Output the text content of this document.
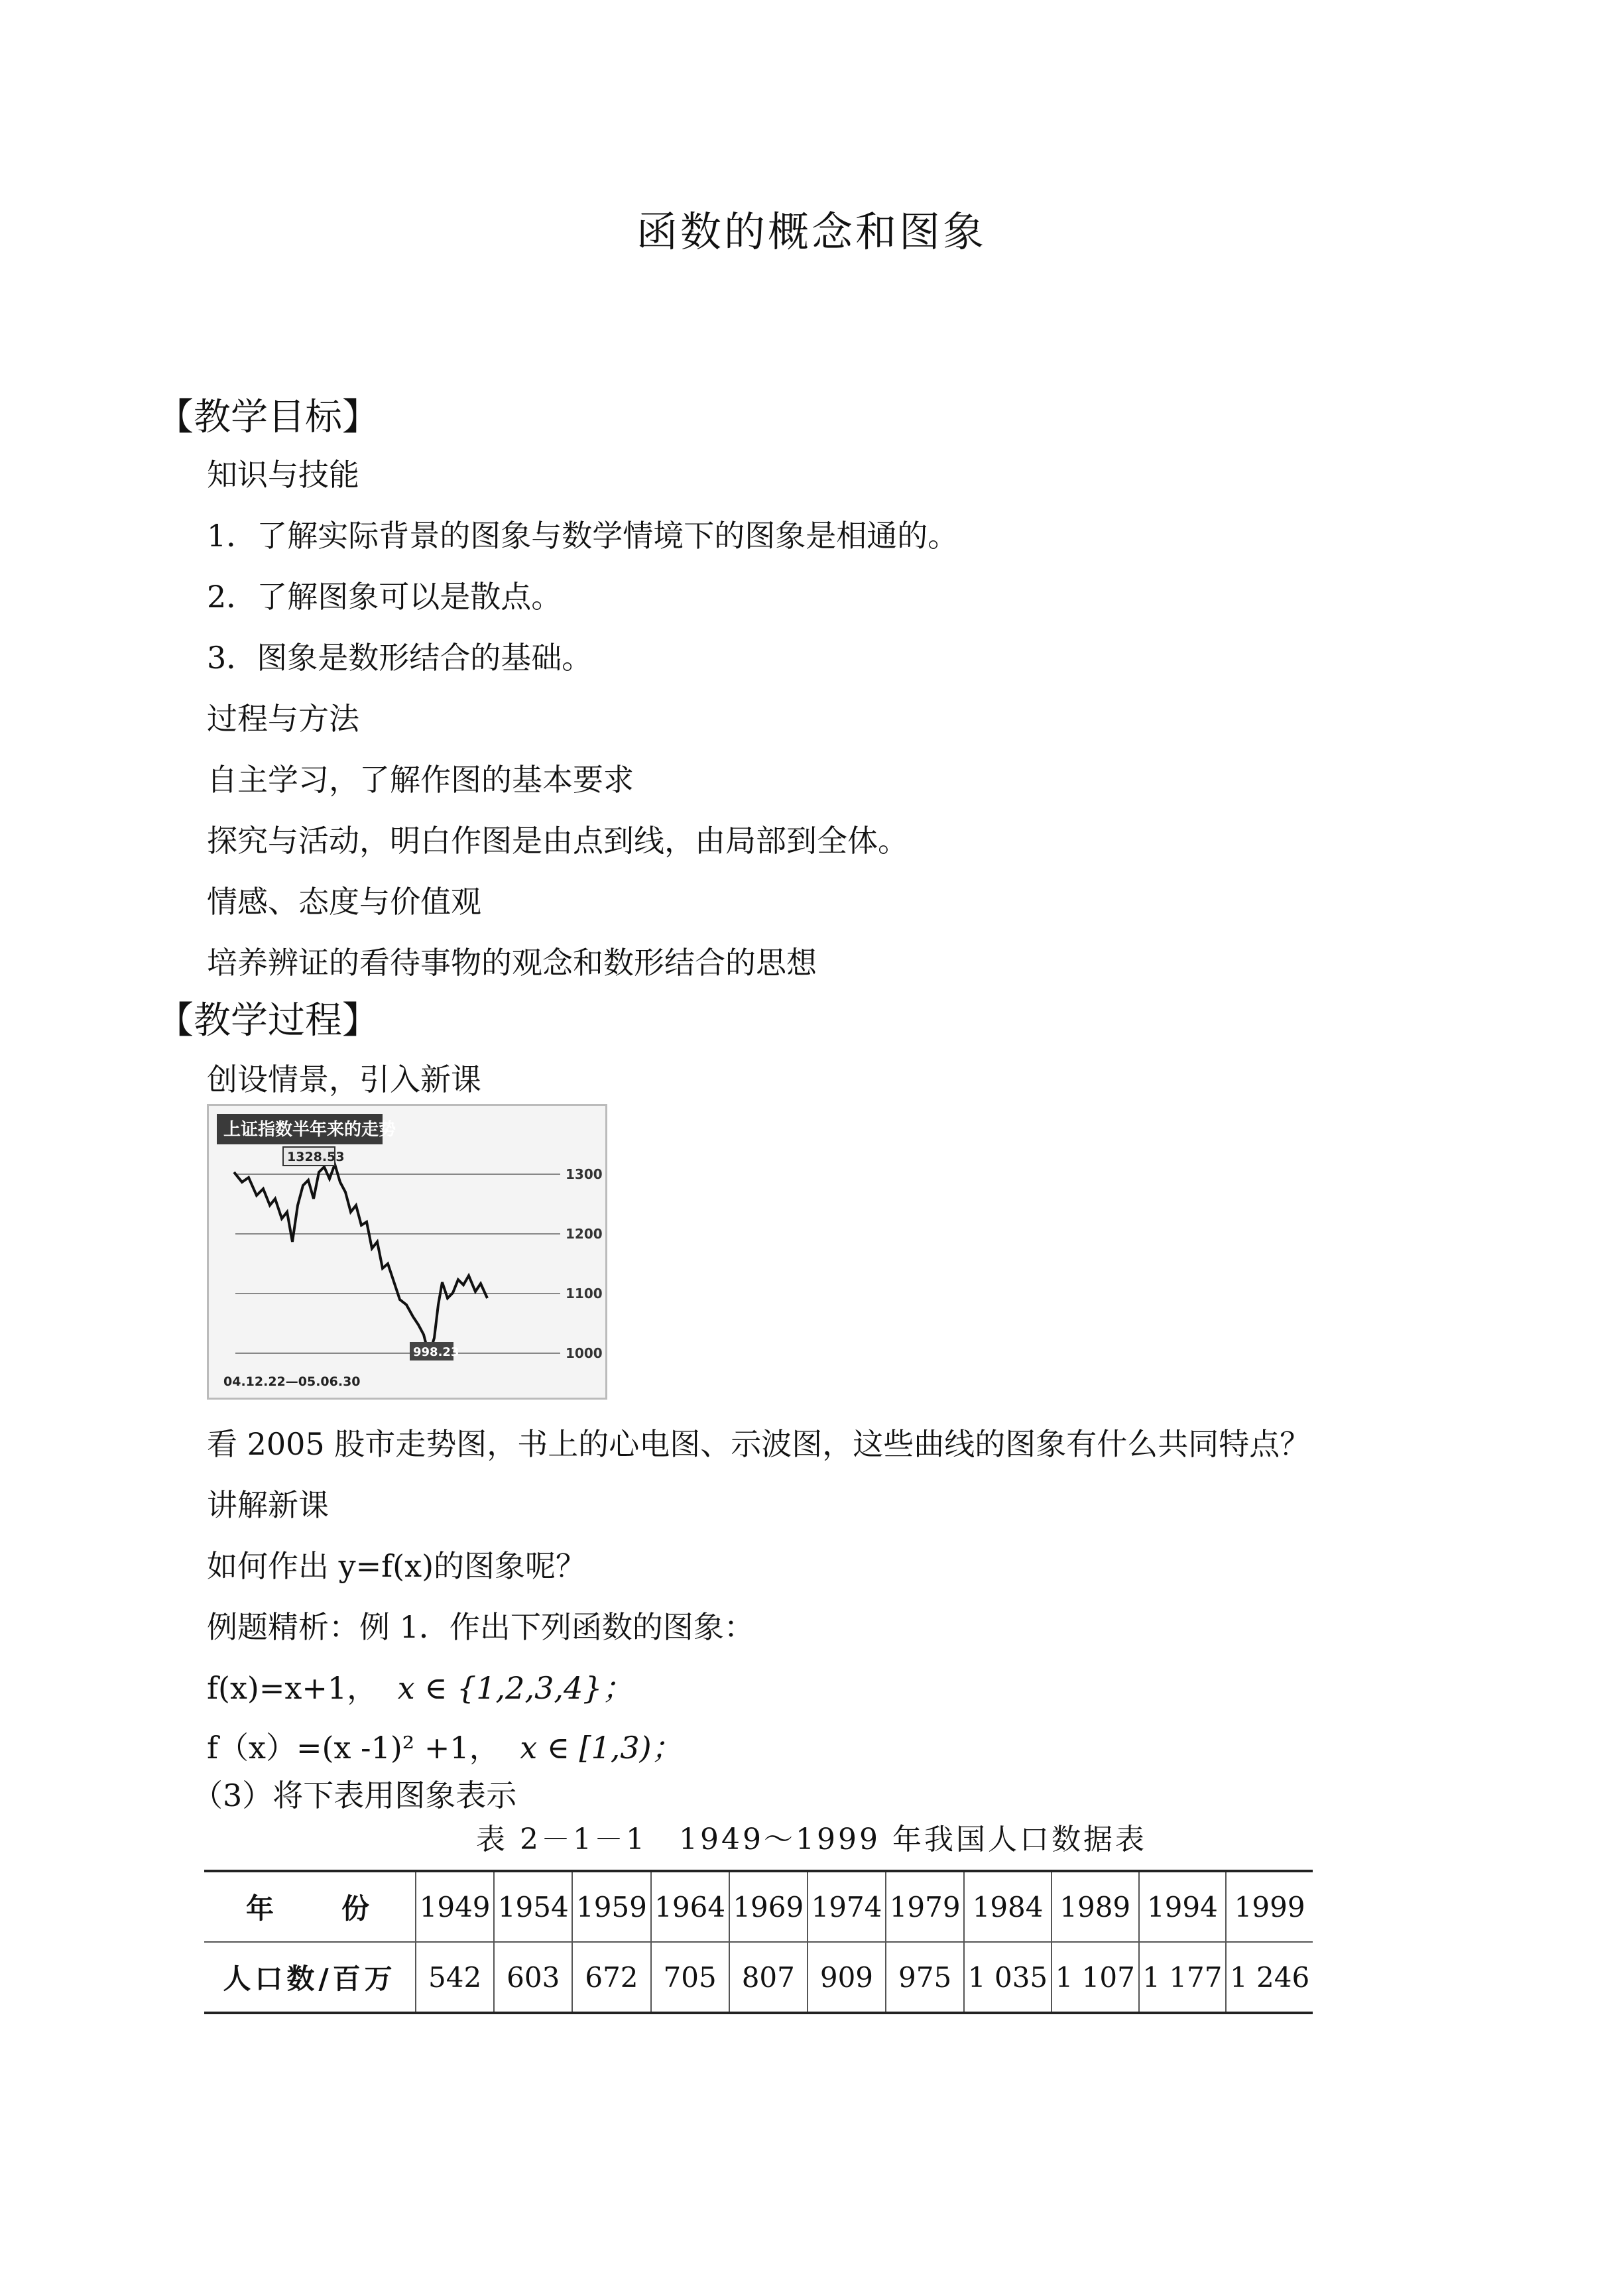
函数的概念和图象
【教学目标】
知识与技能
1．了解实际背景的图象与数学情境下的图象是相通的。
2．了解图象可以是散点。
3．图象是数形结合的基础。
过程与方法
自主学习，了解作图的基本要求
探究与活动，明白作图是由点到线，由局部到全体。
情感、态度与价值观
培养辨证的看待事物的观念和数形结合的思想
【教学过程】
创设情景，引入新课
上证指数半年来的走势
1300
1200
1100
1000
1328.53
998.23
04.12.22—05.06.30
看 2005 股市走势图，书上的心电图、示波图，这些曲线的图象有什么共同特点？
讲解新课
如何作出 y=f(x)的图象呢？
例题精析：例 1．作出下列函数的图象：
f(x)=x+1， x ∈ {1,2,3,4}；
f（x）=(x -1)² +1， x ∈ [1,3)；
（3）将下表用图象表示
表 2－1－1　1949～1999 年我国人口数据表
年　　份	1949	1954	1959	1964	1969	1974	1979	1984	1989	1994	1999
人口数/百万	542	603	672	705	807	909	975	1 035	1 107	1 177	1 246
